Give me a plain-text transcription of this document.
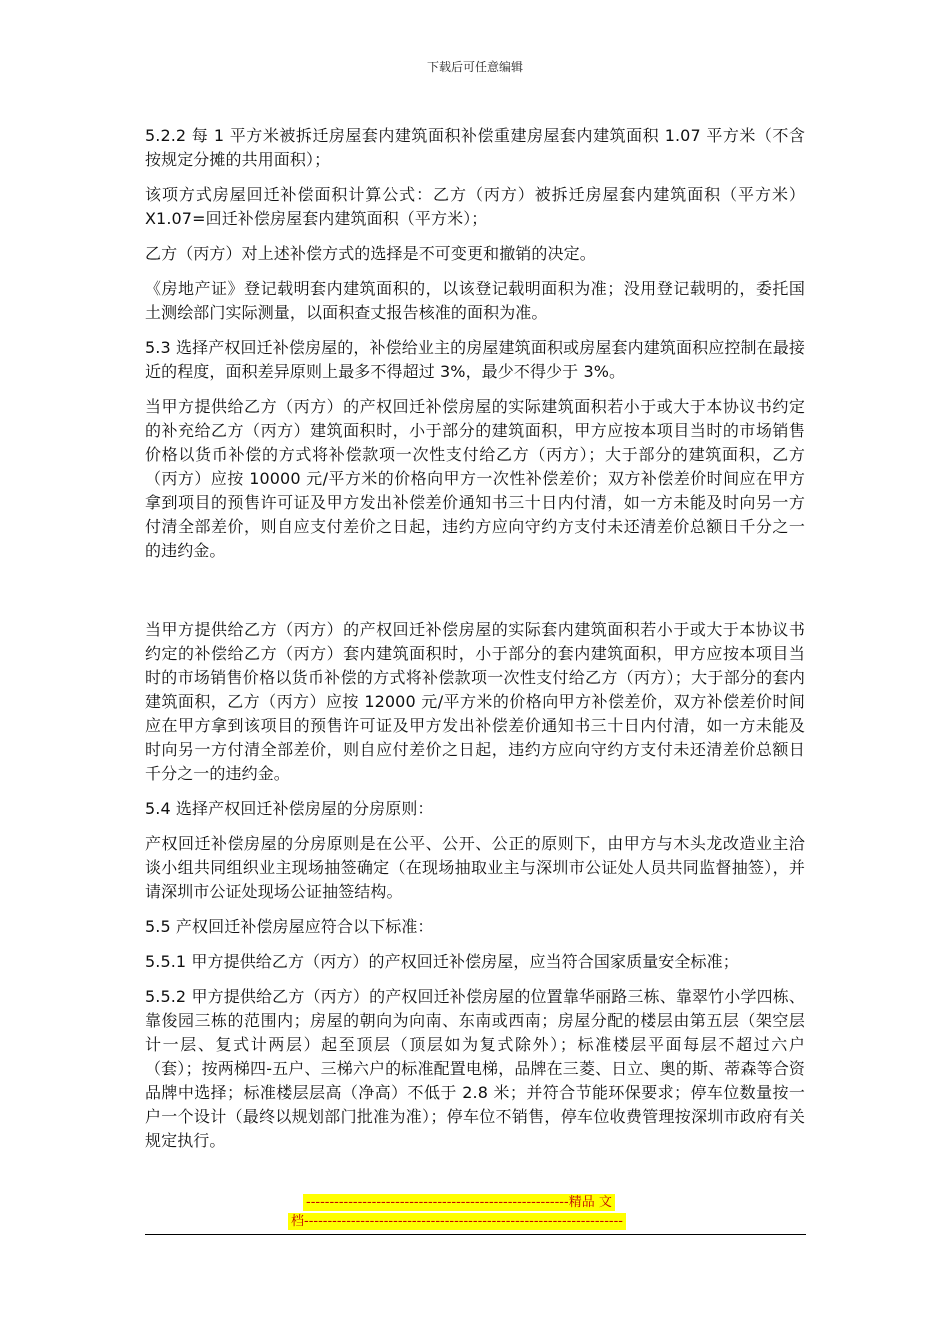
下载后可任意编辑

5.2.2 每 1 平方米被拆迁房屋套内建筑面积补偿重建房屋套内建筑面积 1.07 平方米（不含按规定分摊的共用面积）；

该项方式房屋回迁补偿面积计算公式：乙方（丙方）被拆迁房屋套内建筑面积（平方米）X1.07=回迁补偿房屋套内建筑面积（平方米）；

乙方（丙方）对上述补偿方式的选择是不可变更和撤销的决定。

《房地产证》登记载明套内建筑面积的，以该登记载明面积为准；没用登记载明的，委托国土测绘部门实际测量，以面积查丈报告核准的面积为准。

5.3 选择产权回迁补偿房屋的，补偿给业主的房屋建筑面积或房屋套内建筑面积应控制在最接近的程度，面积差异原则上最多不得超过 3%，最少不得少于 3%。

当甲方提供给乙方（丙方）的产权回迁补偿房屋的实际建筑面积若小于或大于本协议书约定的补充给乙方（丙方）建筑面积时，小于部分的建筑面积，甲方应按本项目当时的市场销售价格以货币补偿的方式将补偿款项一次性支付给乙方（丙方）；大于部分的建筑面积，乙方（丙方）应按 10000 元/平方米的价格向甲方一次性补偿差价；双方补偿差价时间应在甲方拿到项目的预售许可证及甲方发出补偿差价通知书三十日内付清，如一方未能及时向另一方付清全部差价，则自应支付差价之日起，违约方应向守约方支付未还清差价总额日千分之一的违约金。

当甲方提供给乙方（丙方）的产权回迁补偿房屋的实际套内建筑面积若小于或大于本协议书约定的补偿给乙方（丙方）套内建筑面积时，小于部分的套内建筑面积，甲方应按本项目当时的市场销售价格以货币补偿的方式将补偿款项一次性支付给乙方（丙方）；大于部分的套内建筑面积，乙方（丙方）应按 12000 元/平方米的价格向甲方补偿差价，双方补偿差价时间应在甲方拿到该项目的预售许可证及甲方发出补偿差价通知书三十日内付清，如一方未能及时向另一方付清全部差价，则自应付差价之日起，违约方应向守约方支付未还清差价总额日千分之一的违约金。

5.4 选择产权回迁补偿房屋的分房原则：

产权回迁补偿房屋的分房原则是在公平、公开、公正的原则下，由甲方与木头龙改造业主洽谈小组共同组织业主现场抽签确定（在现场抽取业主与深圳市公证处人员共同监督抽签），并请深圳市公证处现场公证抽签结构。

5.5 产权回迁补偿房屋应符合以下标准：

5.5.1 甲方提供给乙方（丙方）的产权回迁补偿房屋，应当符合国家质量安全标准；

5.5.2 甲方提供给乙方（丙方）的产权回迁补偿房屋的位置靠华丽路三栋、靠翠竹小学四栋、靠俊园三栋的范围内；房屋的朝向为向南、东南或西南；房屋分配的楼层由第五层（架空层计一层、复式计两层）起至顶层（顶层如为复式除外）；标准楼层平面每层不超过六户（套）；按两梯四-五户、三梯六户的标准配置电梯，品牌在三菱、日立、奥的斯、蒂森等合资品牌中选择；标准楼层层高（净高）不低于 2.8 米；并符合节能环保要求；停车位数量按一户一个设计（最终以规划部门批准为准）；停车位不销售，停车位收费管理按深圳市政府有关规定执行。

--------------------------------------------------------精品 文
档--------------------------------------------------------------------
